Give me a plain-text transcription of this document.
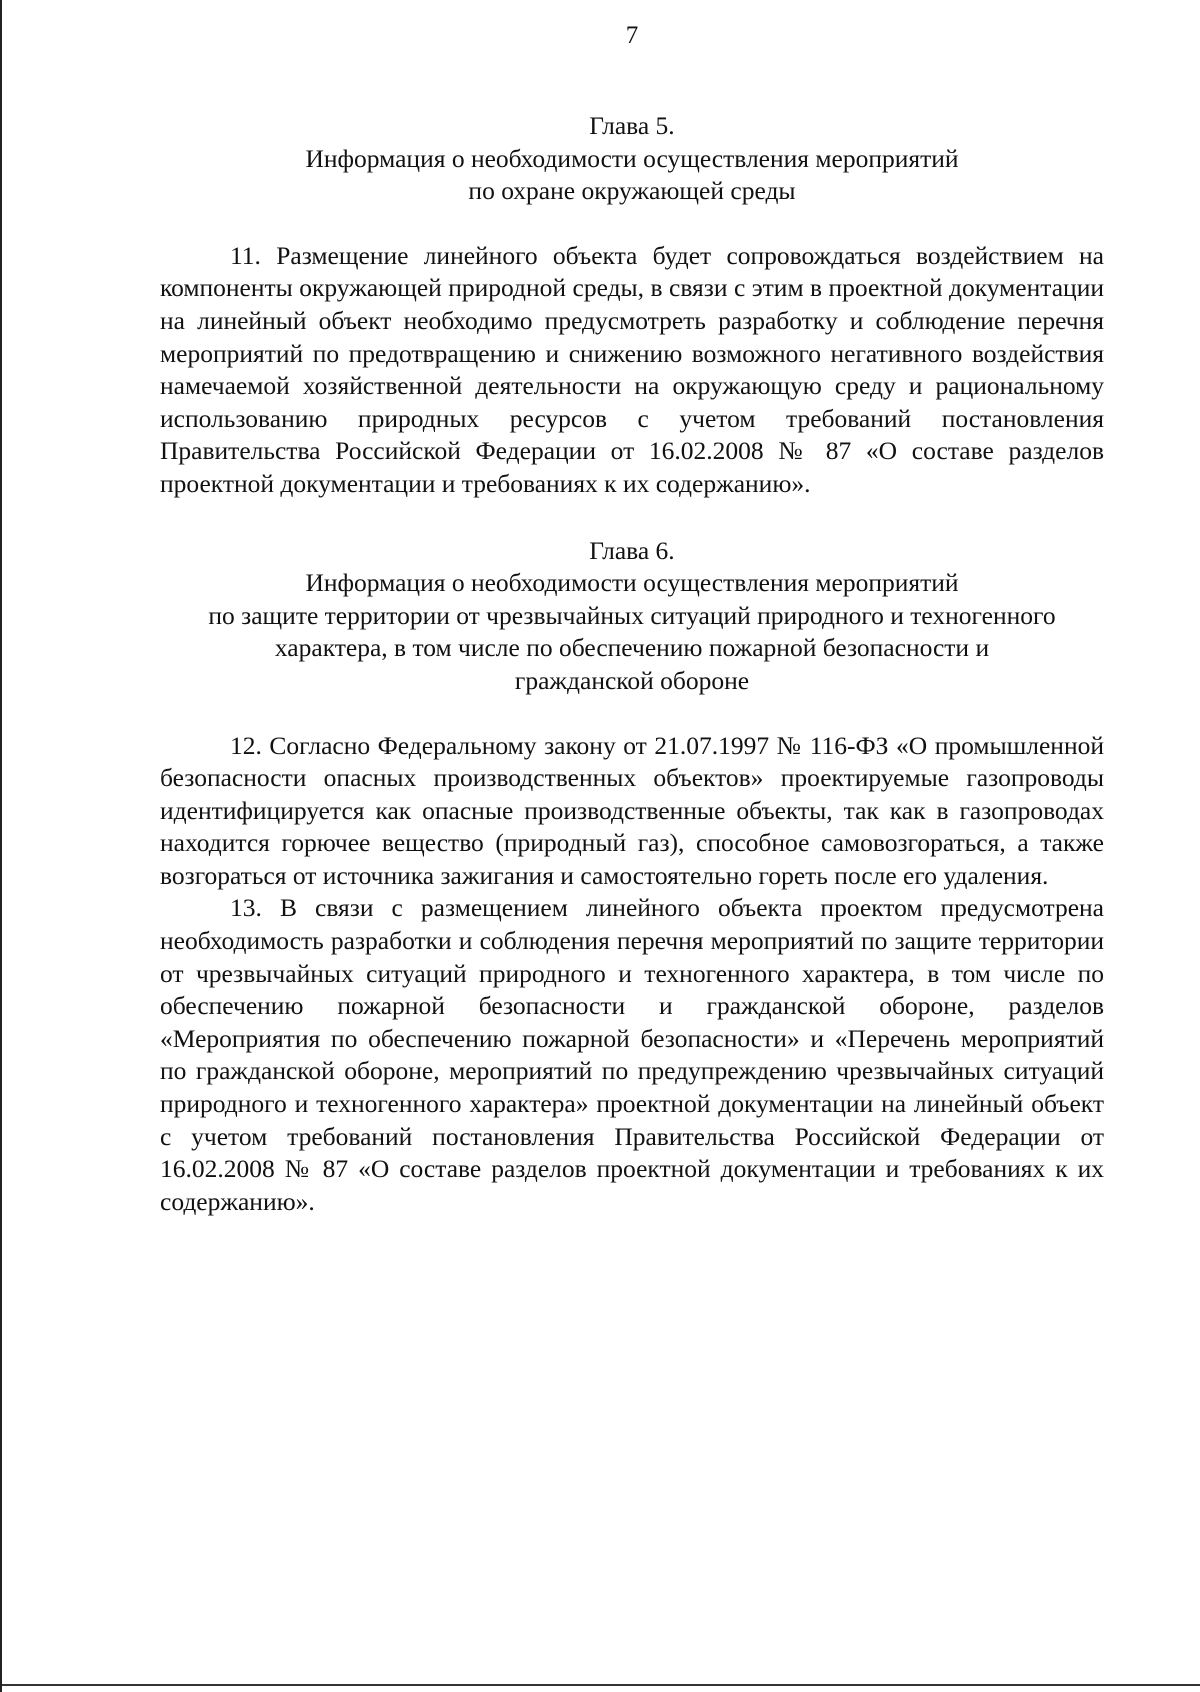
7
Глава 5.
Информация о необходимости осуществления мероприятий
по охране окружающей среды

11. Размещение линейного объекта будет сопровождаться воздействием на компоненты окружающей природной среды, в связи с этим в проектной документации на линейный объект необходимо предусмотреть разработку и соблюдение перечня мероприятий по предотвращению и снижению возможного негативного воздействия намечаемой хозяйственной деятельности на окружающую среду и рациональному использованию природных ресурсов с учетом требований постановления Правительства Российской Федерации от 16.02.2008 № 87 «О составе разделов проектной документации и требованиях к их содержанию».

Глава 6.
Информация о необходимости осуществления мероприятий
по защите территории от чрезвычайных ситуаций природного и техногенного
характера, в том числе по обеспечению пожарной безопасности и
гражданской обороне

12. Согласно Федеральному закону от 21.07.1997 № 116-ФЗ «О промышленной безопасности опасных производственных объектов» проектируемые газопроводы идентифицируется как опасные производственные объекты, так как в газопроводах находится горючее вещество (природный газ), способное самовозгораться, а также возгораться от источника зажигания и самостоятельно гореть после его удаления.

13. В связи с размещением линейного объекта проектом предусмотрена необходимость разработки и соблюдения перечня мероприятий по защите территории от чрезвычайных ситуаций природного и техногенного характера, в том числе по обеспечению пожарной безопасности и гражданской обороне, разделов «Мероприятия по обеспечению пожарной безопасности» и «Перечень мероприятий по гражданской обороне, мероприятий по предупреждению чрезвычайных ситуаций природного и техногенного характера» проектной документации на линейный объект с учетом требований постановления Правительства Российской Федерации от 16.02.2008 № 87 «О составе разделов проектной документации и требованиях к их содержанию».
